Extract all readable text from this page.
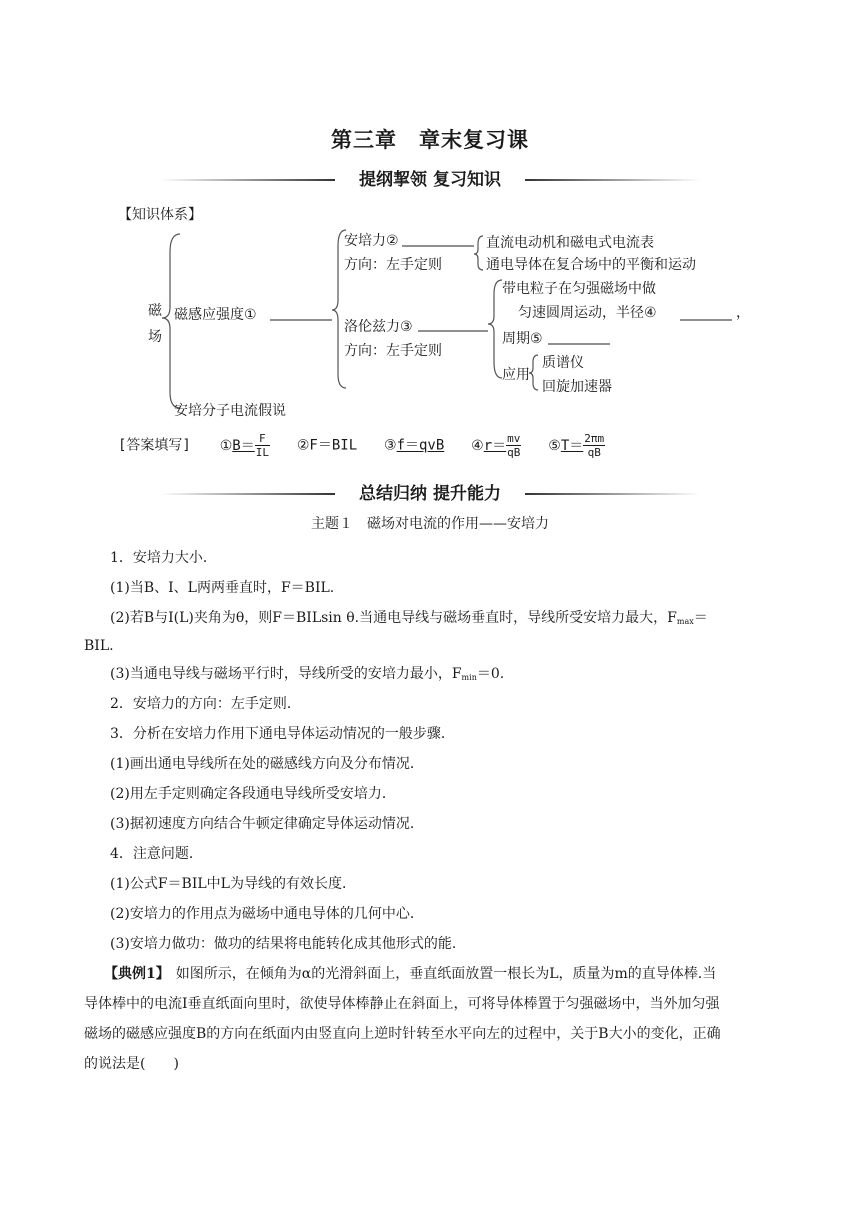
第三章　章末复习课
提纲挈领 复习知识
【知识体系】
磁
场
磁感应强度①
安培分子电流假说
安培力②
方向：左手定则
洛伦兹力③
方向：左手定则
直流电动机和磁电式电流表
通电导体在复合场中的平衡和运动
带电粒子在匀强磁场中做
匀速圆周运动，半径④	，
周期⑤
应用
质谱仪
回旋加速器
[答案填写] ①B＝ $\frac{F}{IL}$ ②F＝BIL ③f＝qvB ④r＝ $\frac{mv}{qB}$ ⑤T＝ $\frac{2\pi m}{qB}$
总结归纳 提升能力
主题１　磁场对电流的作用——安培力
1．安培力大小．
(1)当B、I、L两两垂直时，F＝BIL.
(2)若B与I(L)夹角为θ，则F＝BILsin θ.当通电导线与磁场垂直时，导线所受安培力最大，$F_{max}=$
BIL.
(3)当通电导线与磁场平行时，导线所受的安培力最小，$F_{min}=0$.
2．安培力的方向：左手定则．
3．分析在安培力作用下通电导体运动情况的一般步骤．
(1)画出通电导线所在处的磁感线方向及分布情况．
(2)用左手定则确定各段通电导线所受安培力．
(3)据初速度方向结合牛顿定律确定导体运动情况．
4．注意问题．
(1)公式F＝BIL中L为导线的有效长度．
(2)安培力的作用点为磁场中通电导体的几何中心．
(3)安培力做功：做功的结果将电能转化成其他形式的能．
【典例1】 如图所示，在倾角为α的光滑斜面上，垂直纸面放置一根长为L，质量为m的直导体棒.当
导体棒中的电流I垂直纸面向里时，欲使导体棒静止在斜面上，可将导体棒置于匀强磁场中，当外加匀强
磁场的磁感应强度B的方向在纸面内由竖直向上逆时针转至水平向左的过程中，关于B大小的变化，正确
的说法是(　　)
